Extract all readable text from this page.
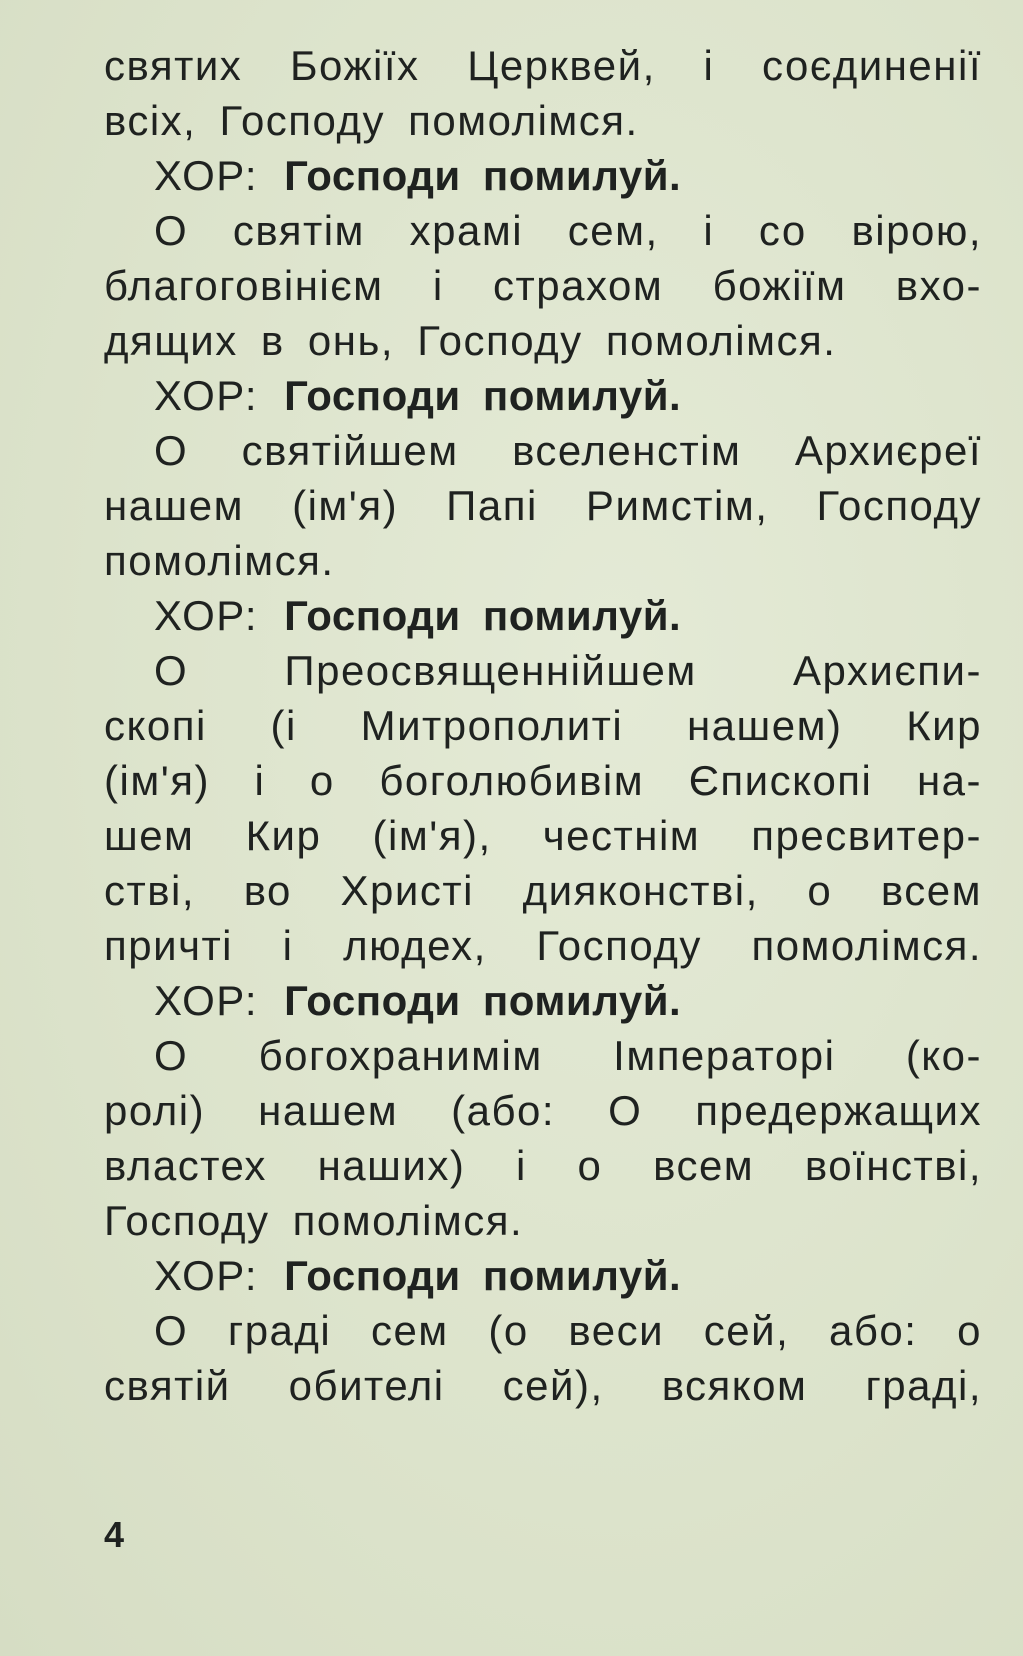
святих Божіїх Церквей, і соєдиненії
всіх, Господу помолімся.
ХОР: Господи помилуй.
О святім храмі сем, і со вірою,
благоговінієм і страхом божіїм вхо-
дящих в онь, Господу помолімся.
ХОР: Господи помилуй.
О святійшем вселенстім Архиєреї
нашем (ім'я) Папі Римстім, Господу
помолімся.
ХОР: Господи помилуй.
О Преосвященнійшем Архиєпи-
скопі (і Митрополиті нашем) Кир
(ім'я) і о боголюбивім Єпископі на-
шем Кир (ім'я), честнім пресвитер-
стві, во Христі дияконстві, о всем
причті і людех, Господу помолімся.
ХОР: Господи помилуй.
О богохранимім Імператорі (ко-
ролі) нашем (або: О предержащих
властех наших) і о всем воїнстві,
Господу помолімся.
ХОР: Господи помилуй.
О граді сем (о веси сей, або: о
святій обителі сей), всяком граді,
4
